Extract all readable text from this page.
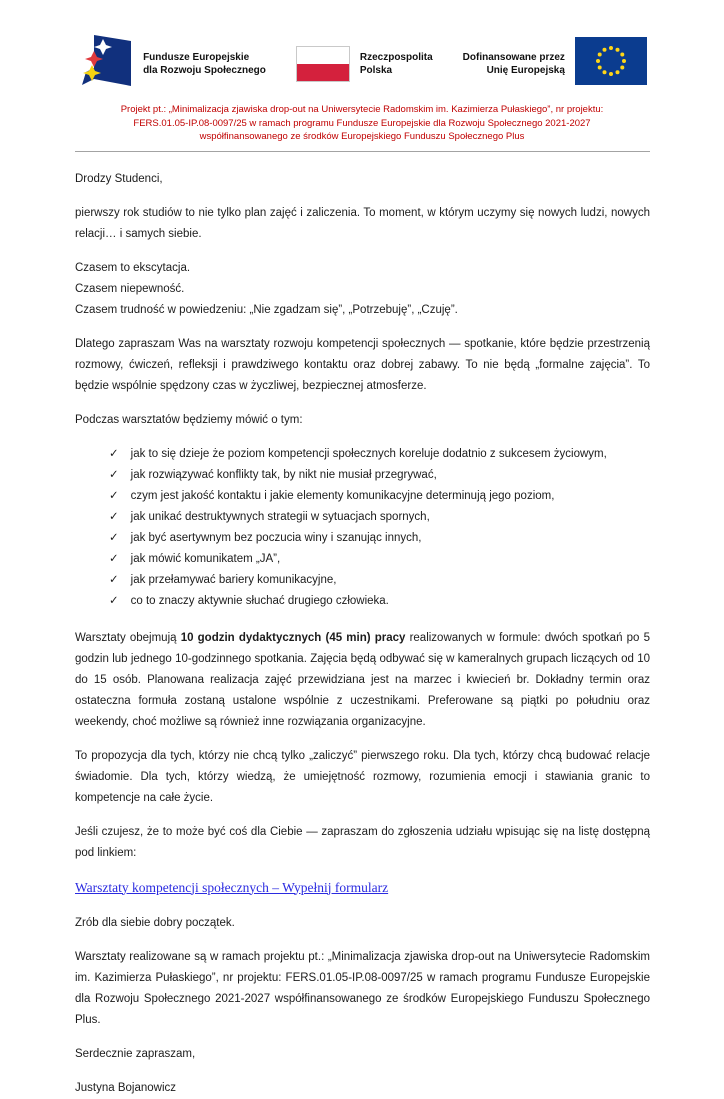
Fundusze Europejskie
dla Rozwoju Społecznego
Rzeczpospolita
Polska
Dofinansowane przez
Unię Europejską
Projekt pt.: „Minimalizacja zjawiska drop-out na Uniwersytecie Radomskim im. Kazimierza Pułaskiego”, nr projektu:
FERS.01.05-IP.08-0097/25 w ramach programu Fundusze Europejskie dla Rozwoju Społecznego 2021-2027
współfinansowanego ze środków Europejskiego Funduszu Społecznego Plus

Drodzy Studenci,

pierwszy rok studiów to nie tylko plan zajęć i zaliczenia. To moment, w którym uczymy się nowych ludzi, nowych relacji… i samych siebie.

Czasem to ekscytacja.
Czasem niepewność.
Czasem trudność w powiedzeniu: „Nie zgadzam się”, „Potrzebuję”, „Czuję”.

Dlatego zapraszam Was na warsztaty rozwoju kompetencji społecznych — spotkanie, które będzie przestrzenią rozmowy, ćwiczeń, refleksji i prawdziwego kontaktu oraz dobrej zabawy. To nie będą „formalne zajęcia”. To będzie wspólnie spędzony czas w życzliwej, bezpiecznej atmosferze.

Podczas warsztatów będziemy mówić o tym:

✓ jak to się dzieje że poziom kompetencji społecznych koreluje dodatnio z sukcesem życiowym,
✓ jak rozwiązywać konflikty tak, by nikt nie musiał przegrywać,
✓ czym jest jakość kontaktu i jakie elementy komunikacyjne determinują jego poziom,
✓ jak unikać destruktywnych strategii w sytuacjach spornych,
✓ jak być asertywnym bez poczucia winy i szanując innych,
✓ jak mówić komunikatem „JA”,
✓ jak przełamywać bariery komunikacyjne,
✓ co to znaczy aktywnie słuchać drugiego człowieka.

Warsztaty obejmują 10 godzin dydaktycznych (45 min) pracy realizowanych w formule: dwóch spotkań po 5 godzin lub jednego 10-godzinnego spotkania. Zajęcia będą odbywać się w kameralnych grupach liczących od 10 do 15 osób. Planowana realizacja zajęć przewidziana jest na marzec i kwiecień br. Dokładny termin oraz ostateczna formuła zostaną ustalone wspólnie z uczestnikami. Preferowane są piątki po południu oraz weekendy, choć możliwe są również inne rozwiązania organizacyjne.

To propozycja dla tych, którzy nie chcą tylko „zaliczyć” pierwszego roku. Dla tych, którzy chcą budować relacje świadomie. Dla tych, którzy wiedzą, że umiejętność rozmowy, rozumienia emocji i stawiania granic to kompetencje na całe życie.

Jeśli czujesz, że to może być coś dla Ciebie — zapraszam do zgłoszenia udziału wpisując się na listę dostępną pod linkiem:

Warsztaty kompetencji społecznych – Wypełnij formularz

Zrób dla siebie dobry początek.

Warsztaty realizowane są w ramach projektu pt.: „Minimalizacja zjawiska drop-out na Uniwersytecie Radomskim im. Kazimierza Pułaskiego”, nr projektu: FERS.01.05-IP.08-0097/25 w ramach programu Fundusze Europejskie dla Rozwoju Społecznego 2021-2027 współfinansowanego ze środków Europejskiego Funduszu Społecznego Plus.

Serdecznie zapraszam,

Justyna Bojanowicz
